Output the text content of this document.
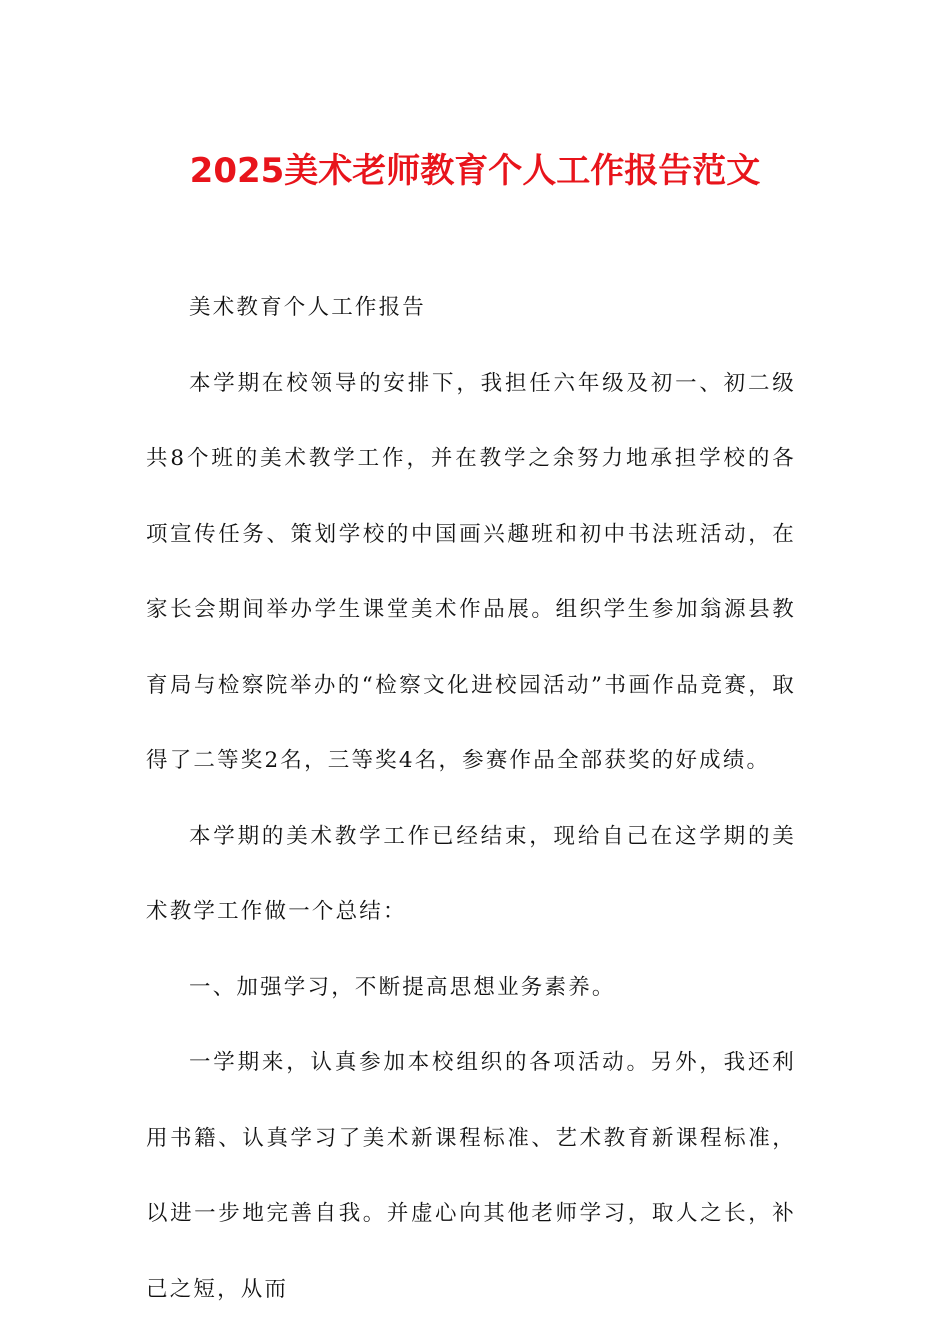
2025美术老师教育个人工作报告范文

美术教育个人工作报告

本学期在校领导的安排下，我担任六年级及初一、初二级共8个班的美术教学工作，并在教学之余努力地承担学校的各项宣传任务、策划学校的中国画兴趣班和初中书法班活动，在家长会期间举办学生课堂美术作品展。组织学生参加翁源县教育局与检察院举办的“检察文化进校园活动”书画作品竞赛，取得了二等奖2名，三等奖4名，参赛作品全部获奖的好成绩。

本学期的美术教学工作已经结束，现给自己在这学期的美术教学工作做一个总结：

一、加强学习，不断提高思想业务素养。

一学期来，认真参加本校组织的各项活动。另外，我还利用书籍、认真学习了美术新课程标准、艺术教育新课程标准，以进一步地完善自我。并虚心向其他老师学习，取人之长，补己之短，从而
